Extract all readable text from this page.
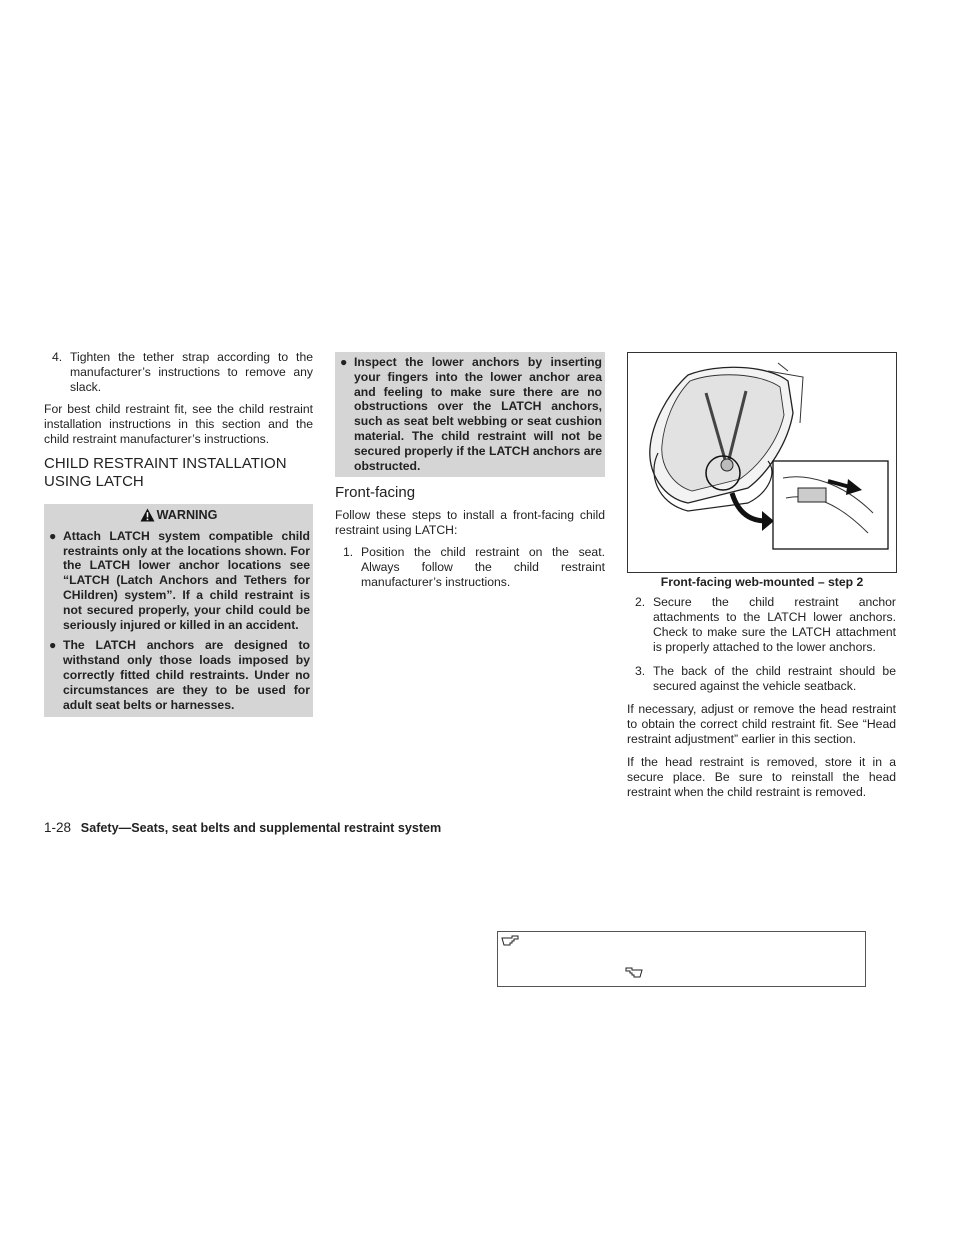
4. Tighten the tether strap according to the manufacturer’s instructions to remove any slack.

For best child restraint fit, see the child restraint installation instructions in this section and the child restraint manufacturer’s instructions.

CHILD RESTRAINT INSTALLATION USING LATCH
WARNING
● Attach LATCH system compatible child restraints only at the locations shown. For the LATCH lower anchor locations see “LATCH (Latch Anchors and Tethers for CHildren) system”. If a child restraint is not secured properly, your child could be seriously injured or killed in an accident.
● The LATCH anchors are designed to withstand only those loads imposed by correctly fitted child restraints. Under no circumstances are they to be used for adult seat belts or harnesses.
● Inspect the lower anchors by inserting your fingers into the lower anchor area and feeling to make sure there are no obstructions over the LATCH anchors, such as seat belt webbing or seat cushion material. The child restraint will not be secured properly if the LATCH anchors are obstructed.
Front-facing

Follow these steps to install a front-facing child restraint using LATCH:

1. Position the child restraint on the seat. Always follow the child restraint manufacturer’s instructions.	Front-facing web-mounted – step 2
2. Secure the child restraint anchor attachments to the LATCH lower anchors. Check to make sure the LATCH attachment is properly attached to the lower anchors.
3. The back of the child restraint should be secured against the vehicle seatback.

If necessary, adjust or remove the head restraint to obtain the correct child restraint fit. See “Head restraint adjustment” earlier in this section.

If the head restraint is removed, store it in a secure place. Be sure to reinstall the head restraint when the child restraint is removed.

1-28 Safety—Seats, seat belts and supplemental restraint system
